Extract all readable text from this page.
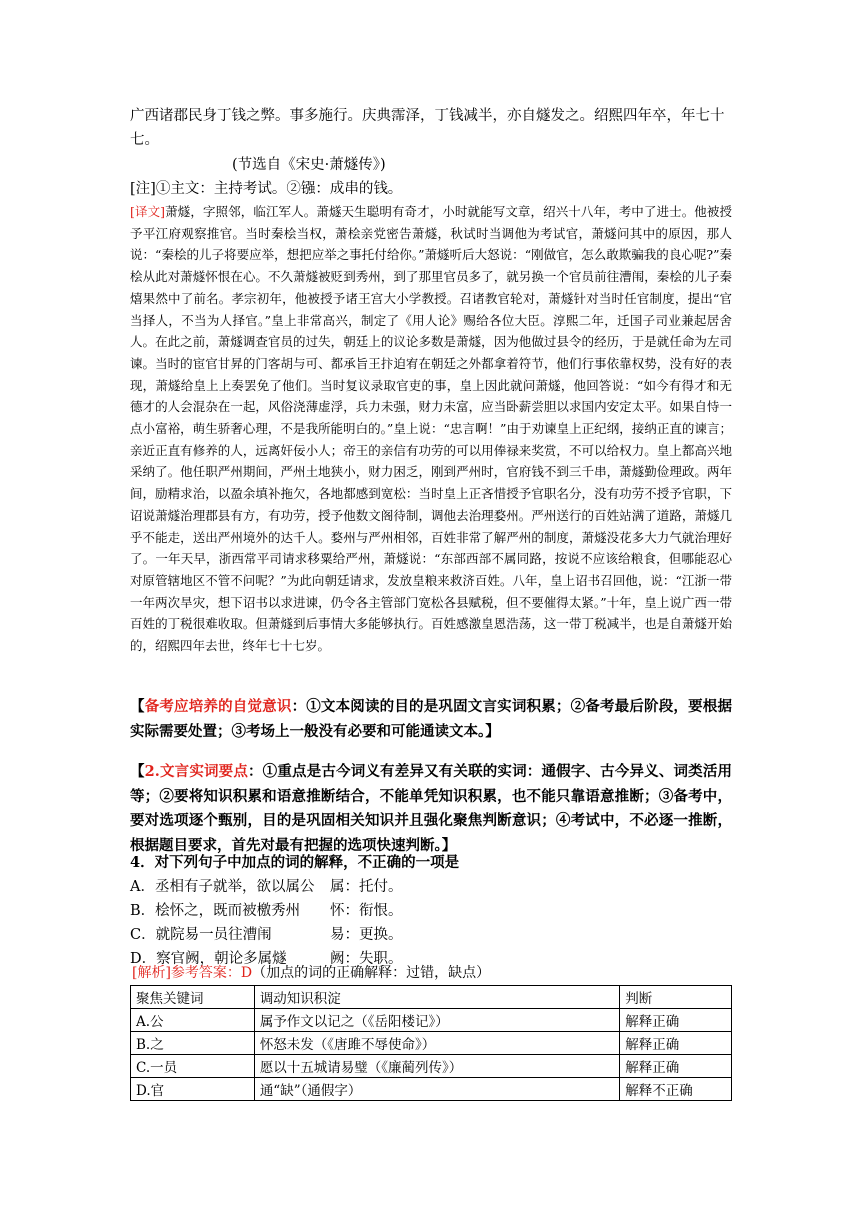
广西诸郡民身丁钱之弊。事多施行。庆典霈泽，丁钱减半，亦自燧发之。绍熙四年卒，年七十七。
(节选自《宋史·萧燧传》)
[注]①主文：主持考试。②镪：成串的钱。
[译文]萧燧，字照邻，临江军人。萧燧天生聪明有奇才，小时就能写文章，绍兴十八年，考中了进士。他被授予平江府观察推官。当时秦桧当权，萧桧亲党密告萧燧，秋试时当调他为考试官，萧燧问其中的原因，那人说：“秦桧的儿子将要应举，想把应举之事托付给你。”萧燧听后大怒说：“刚做官，怎么敢欺骗我的良心呢?”秦桧从此对萧燧怀恨在心。不久萧燧被贬到秀州，到了那里官员多了，就另换一个官员前往漕闱，秦桧的儿子秦熺果然中了前名。孝宗初年，他被授予诸王宫大小学教授。召诸教官轮对，萧燧针对当时任官制度，提出“官当择人，不当为人择官。”皇上非常高兴，制定了《用人论》赐给各位大臣。淳熙二年，迁国子司业兼起居舍人。在此之前，萧燧调查官员的过失，朝廷上的议论多数是萧燧，因为他做过县令的经历，于是就任命为左司谏。当时的宦官甘昇的门客胡与可、都承旨王抃迫宥在朝廷之外都拿着符节，他们行事依靠权势，没有好的表现，萧燧给皇上上奏罢免了他们。当时复议录取官吏的事，皇上因此就问萧燧，他回答说：“如今有得才和无德才的人会混杂在一起，风俗浇薄虚浮，兵力未强，财力未富，应当卧薪尝胆以求国内安定太平。如果自恃一点小富裕，萌生骄奢心理，不是我所能明白的。”皇上说：“忠言啊！”由于劝谏皇上正纪纲，接纳正直的谏言；亲近正直有修养的人，远离奸佞小人；帝王的亲信有功劳的可以用俸禄来奖赏，不可以给权力。皇上都高兴地采纳了。他任职严州期间，严州土地狭小，财力困乏，刚到严州时，官府钱不到三千串，萧燧勤俭理政。两年间，励精求治，以盈余填补拖欠，各地都感到宽松：当时皇上正吝惜授予官职名分，没有功劳不授予官职，下诏说萧燧治理郡县有方，有功劳，授予他数文阁待制，调他去治理婺州。严州送行的百姓站满了道路，萧燧几乎不能走，送出严州境外的达千人。婺州与严州相邻，百姓非常了解严州的制度，萧燧没花多大力气就治理好了。一年天早，浙西常平司请求移粟给严州，萧燧说：“东部西部不属同路，按说不应该给粮食，但哪能忍心对原管辖地区不管不问呢？”为此向朝廷请求，发放皇粮来救济百姓。八年，皇上诏书召回他，说：“江浙一带一年两次旱灾，想下诏书以求进谏，仍令各主管部门宽松各县赋税，但不要催得太紧。”十年，皇上说广西一带百姓的丁税很难收取。但萧燧到后事情大多能够执行。百姓感激皇恩浩荡，这一带丁税减半，也是自萧燧开始的，绍熙四年去世，终年七十七岁。
【备考应培养的自觉意识：①文本阅读的目的是巩固文言实词积累；②备考最后阶段，要根据实际需要处置；③考场上一般没有必要和可能通读文本。】
【2.文言实词要点：①重点是古今词义有差异又有关联的实词：通假字、古今异义、词类活用等；②要将知识积累和语意推断结合，不能单凭知识积累，也不能只靠语意推断；③备考中，要对选项逐个甄别，目的是巩固相关知识并且强化聚焦判断意识；④考试中，不必逐一推断，根据题目要求，首先对最有把握的选项快速判断。】
4．对下列句子中加点的词的解释，不正确的一项是
A．丞相有子就举，欲以属公	属：托付。
B．桧怀之，既而被檄秀州	怀：衔恨。
C．就院易一员往漕闱	易：更换。
D．察官阙，朝论多属燧	阙：失职。
[解析]参考答案：D（加点的词的正确解释：过错，缺点）
聚焦关键词	调动知识积淀	判断
A.公	属予作文以记之（《岳阳楼记》）	解释正确
B.之	怀怒未发（《唐雎不辱使命》）	解释正确
C.一员	愿以十五城请易璧（《廉蔺列传》）	解释正确
D.官	通“缺”（通假字）	解释不正确
